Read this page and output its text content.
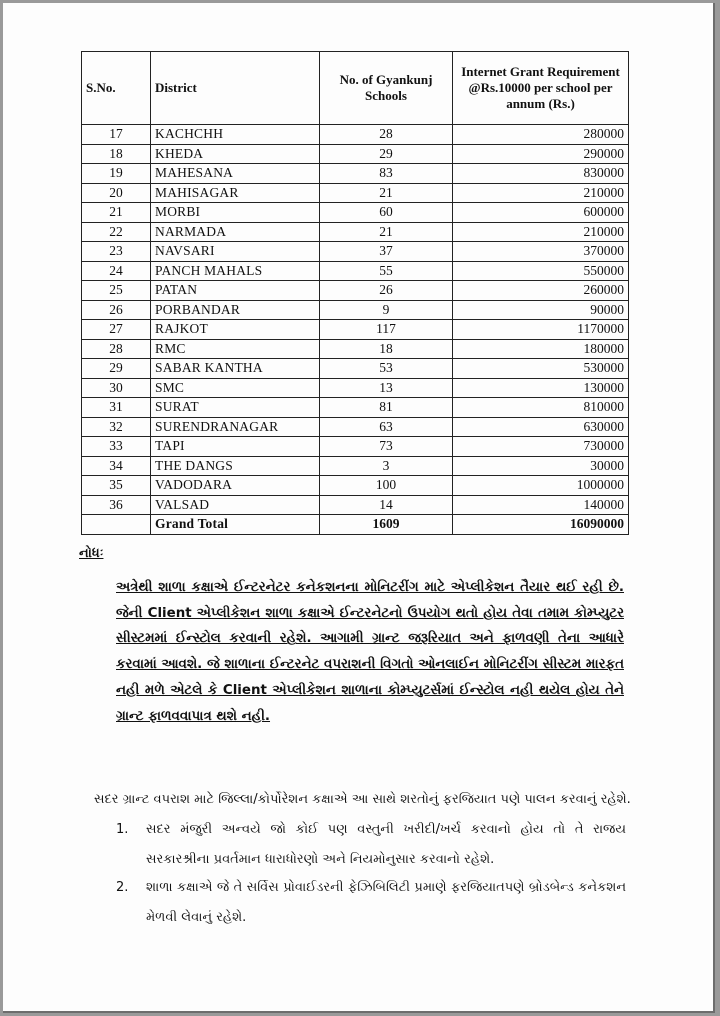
S.No.	District	No. of Gyankunj Schools	Internet Grant Requirement @Rs.10000 per school per annum (Rs.)
17	KACHCHH	28	280000
18	KHEDA	29	290000
19	MAHESANA	83	830000
20	MAHISAGAR	21	210000
21	MORBI	60	600000
22	NARMADA	21	210000
23	NAVSARI	37	370000
24	PANCH MAHALS	55	550000
25	PATAN	26	260000
26	PORBANDAR	9	90000
27	RAJKOT	117	1170000
28	RMC	18	180000
29	SABAR KANTHA	53	530000
30	SMC	13	130000
31	SURAT	81	810000
32	SURENDRANAGAR	63	630000
33	TAPI	73	730000
34	THE DANGS	3	30000
35	VADODARA	100	1000000
36	VALSAD	14	140000
	Grand Total	1609	16090000
નોધઃ
અત્રેથી શાળા કક્ષાએ ઈન્ટરનેટર કનેકશનના મોનિટરીંગ માટે એપ્લીકેશન તૈયાર થઈ રહી છે. જેની Client એપ્લીકેશન શાળા કક્ષાએ ઈન્ટરનેટનો ઉપયોગ થતો હોય તેવા તમામ કોમ્પ્યુટર સીસ્ટમમાં ઈન્સ્ટોલ કરવાની રહેશે. આગામી ગ્રાન્ટ જરૂરિયાત અને ફાળવણી તેના આધારે કરવામાં આવશે. જે શાળાના ઈન્ટરનેટ વપરાશની વિગતો ઓનલાઈન મોનિટરીંગ સીસ્ટમ મારફત નહી મળે એટલે કે Client એપ્લીકેશન શાળાના કોમ્પ્યુટર્સમાં ઈન્સ્ટોલ નહી થયેલ હોય તેને ગ્રાન્ટ ફાળવવાપાત્ર થશે નહી.
સદર ગ્રાન્ટ વપરાશ માટે જિલ્લા/કોર્પોરેશન કક્ષાએ આ સાથે શરતોનું ફરજિયાત પણે પાલન કરવાનું રહેશે.
1.	સદર મંજુરી અન્વયે જો કોઈ પણ વસ્તુની ખરીદી/ખર્ચ કરવાનો હોય તો તે રાજય સરકારશ્રીના પ્રવર્તમાન ધારાધોરણો અને નિયમોનુસાર કરવાનો રહેશે.
2.	શાળા કક્ષાએ જે તે સર્વિસ પ્રોવાઈડરની ફેઝિબિલિટી પ્રમાણે ફરજિયાતપણે બ્રોડબેન્ડ કનેકશન મેળવી લેવાનું રહેશે.
